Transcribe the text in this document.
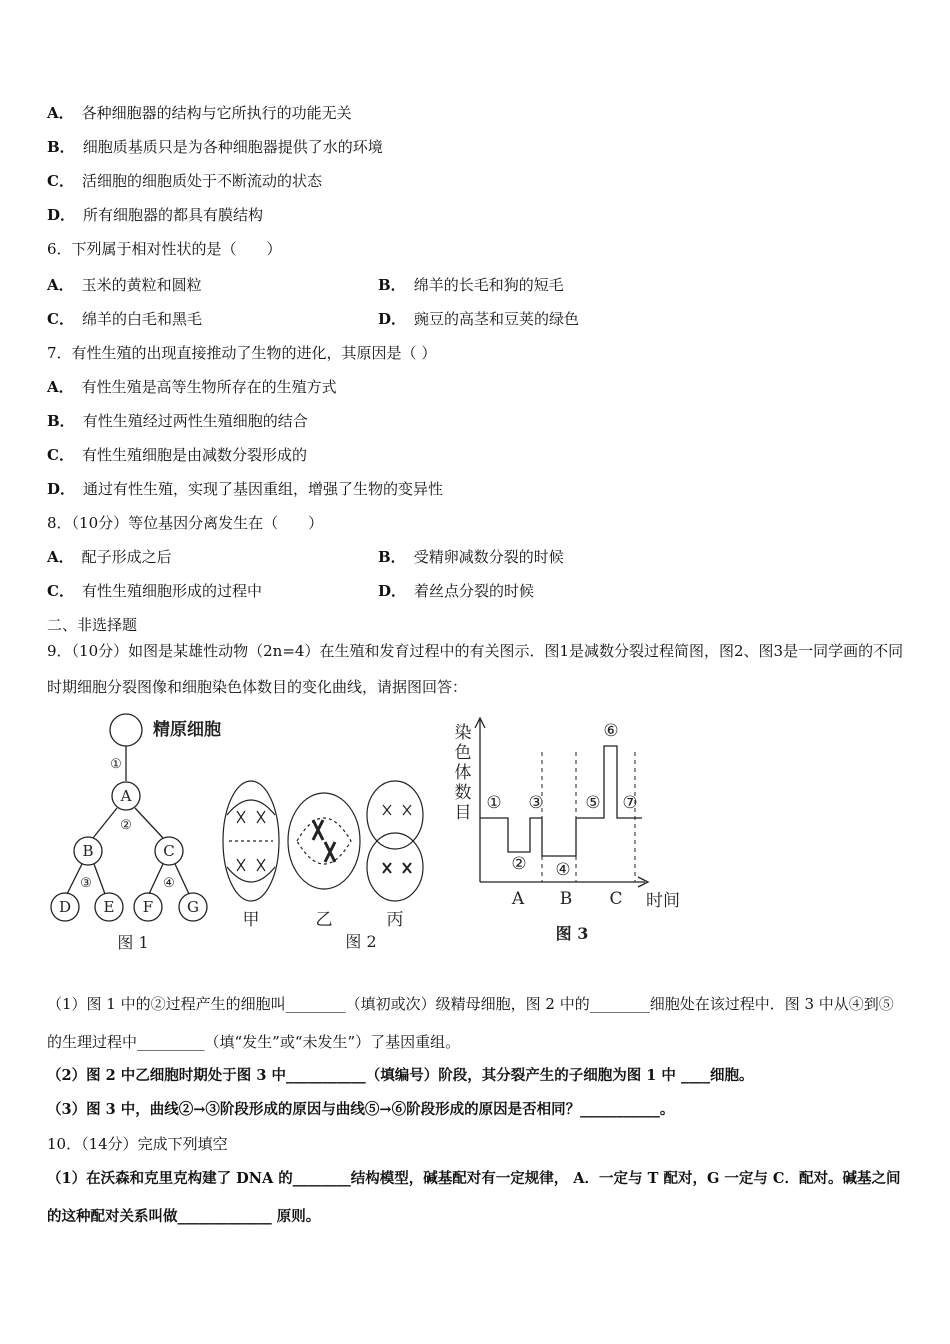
A． 各种细胞器的结构与它所执行的功能无关
B． 细胞质基质只是为各种细胞器提供了水的环境
C． 活细胞的细胞质处于不断流动的状态
D． 所有细胞器的都具有膜结构
6．下列属于相对性状的是（　　）
A． 玉米的黄粒和圆粒	B． 绵羊的长毛和狗的短毛
C． 绵羊的白毛和黑毛	D． 豌豆的高茎和豆荚的绿色
7．有性生殖的出现直接推动了生物的进化，其原因是（ ）
A． 有性生殖是高等生物所存在的生殖方式
B． 有性生殖经过两性生殖细胞的结合
C． 有性生殖细胞是由减数分裂形成的
D． 通过有性生殖，实现了基因重组，增强了生物的变异性
8．（10分）等位基因分离发生在（　　）
A． 配子形成之后	B． 受精卵减数分裂的时候
C． 有性生殖细胞形成的过程中	D． 着丝点分裂的时候
二、非选择题
9．（10分）如图是某雄性动物（2n=4）在生殖和发育过程中的有关图示．图1是减数分裂过程简图，图2、图3是一同学画的不同时期细胞分裂图像和细胞染色体数目的变化曲线，请据图回答：
精原细胞
①
A
②
B	C
③	④
D E F G
图 1
甲	乙	丙
图 2
染
色
体
数
目 ①
②
③
④
⑤
⑥
⑦
A B C 时间
图 3
（1）图 1 中的②过程产生的细胞叫________（填初或次）级精母细胞，图 2 中的________细胞处在该过程中．图 3 中从④到⑤的生理过程中_________（填“发生”或“未发生”）了基因重组。
（2）图 2 中乙细胞时期处于图 3 中___________（填编号）阶段，其分裂产生的子细胞为图 1 中 ____细胞。
（3）图 3 中，曲线②→③阶段形成的原因与曲线⑤→⑥阶段形成的原因是否相同？___________。
10．（14分）完成下列填空
（1）在沃森和克里克构建了 DNA 的________结构模型，碱基配对有一定规律， A．一定与 T 配对，G 一定与 C．配对。碱基之间的这种配对关系叫做_____________ 原则。
